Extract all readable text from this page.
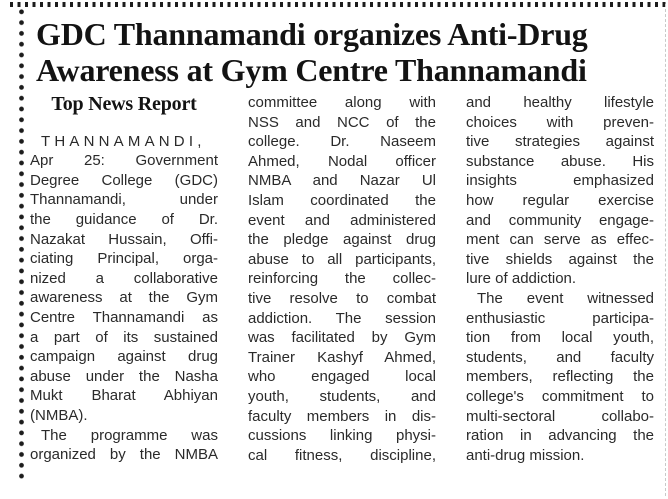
GDC Thannamandi organizes Anti-Drug
Awareness at Gym Centre Thannamandi
Top News Report
THANNAMANDI,
Apr 25: Government
Degree College (GDC)
Thannamandi, under
the guidance of Dr.
Nazakat Hussain, Offi-
ciating Principal, orga-
nized a collaborative
awareness at the Gym
Centre Thannamandi as
a part of its sustained
campaign against drug
abuse under the Nasha
Mukt Bharat Abhiyan
(NMBA).
The programme was
organized by the NMBA
committee along with
NSS and NCC of the
college. Dr. Naseem
Ahmed, Nodal officer
NMBA and Nazar Ul
Islam coordinated the
event and administered
the pledge against drug
abuse to all participants,
reinforcing the collec-
tive resolve to combat
addiction. The session
was facilitated by Gym
Trainer Kashyf Ahmed,
who engaged local
youth, students, and
faculty members in dis-
cussions linking physi-
cal fitness, discipline,
and healthy lifestyle
choices with preven-
tive strategies against
substance abuse. His
insights emphasized
how regular exercise
and community engage-
ment can serve as effec-
tive shields against the
lure of addiction.
The event witnessed
enthusiastic participa-
tion from local youth,
students, and faculty
members, reflecting the
college's commitment to
multi-sectoral collabo-
ration in advancing the
anti-drug mission.
